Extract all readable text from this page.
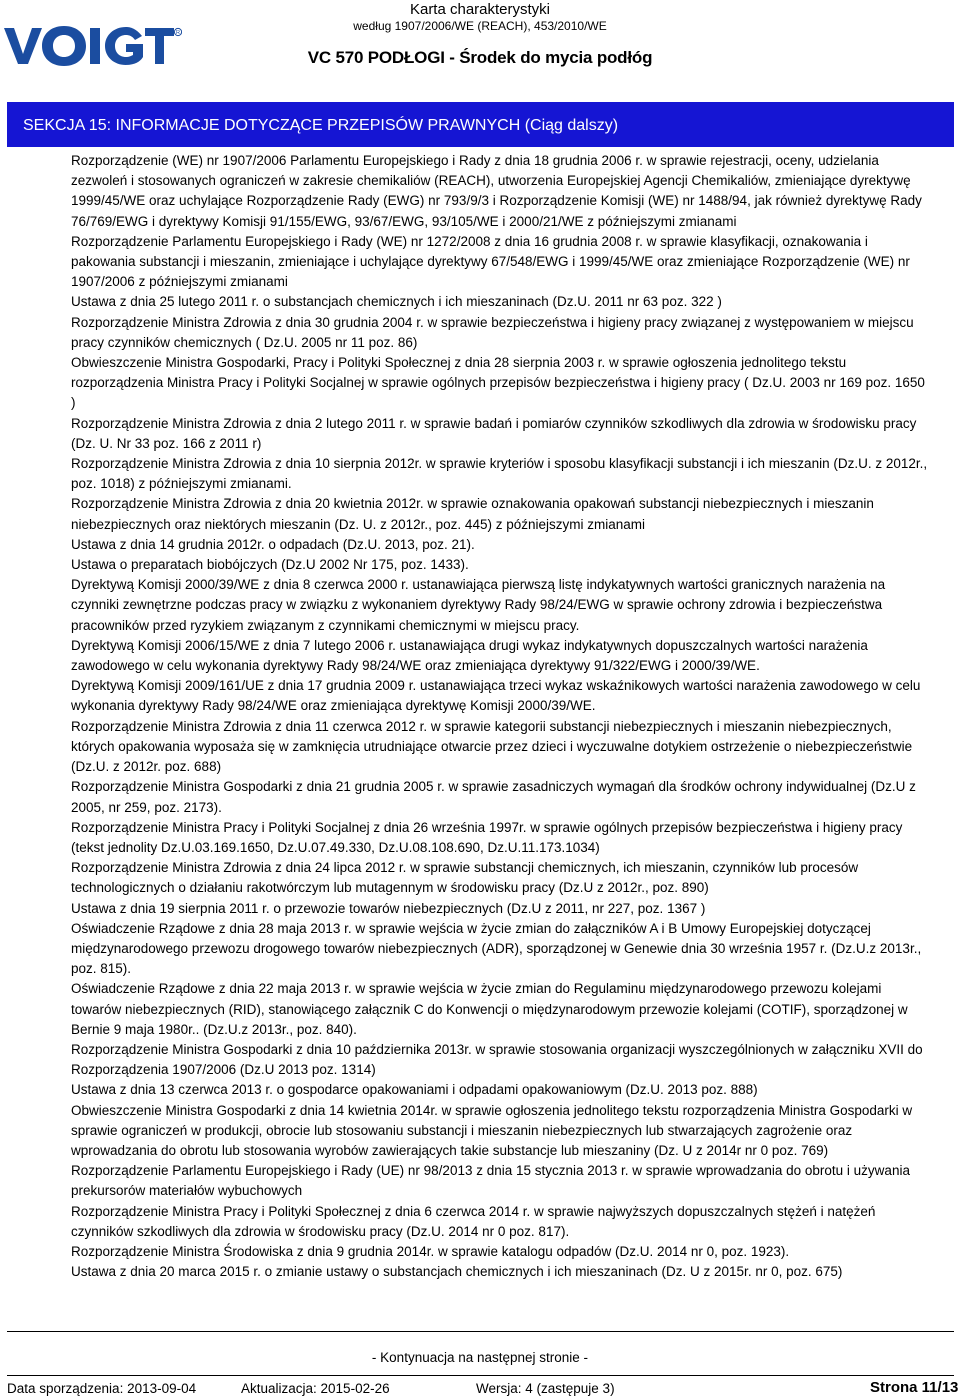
R
Karta charakterystyki
według 1907/2006/WE (REACH), 453/2010/WE
VC 570 PODŁOGI - Środek do mycia podłóg
SEKCJA 15: INFORMACJE DOTYCZĄCE PRZEPISÓW PRAWNYCH (Ciąg dalszy)

Rozporządzenie (WE) nr 1907/2006 Parlamentu Europejskiego i Rady z dnia 18 grudnia 2006 r. w sprawie rejestracji, oceny, udzielania zezwoleń i stosowanych ograniczeń w zakresie chemikaliów (REACH), utworzenia Europejskiej Agencji Chemikaliów, zmieniające dyrektywę 1999/45/WE oraz uchylające Rozporządzenie Rady (EWG) nr 793/9/3 i Rozporządzenie Komisji (WE) nr 1488/94, jak również dyrektywę Rady 76/769/EWG i dyrektywy Komisji 91/155/EWG, 93/67/EWG, 93/105/WE i 2000/21/WE z późniejszymi zmianami

Rozporządzenie Parlamentu Europejskiego i Rady (WE) nr 1272/2008 z dnia 16 grudnia 2008 r. w sprawie klasyfikacji, oznakowania i pakowania substancji i mieszanin, zmieniające i uchylające dyrektywy 67/548/EWG i 1999/45/WE oraz zmieniające Rozporządzenie (WE) nr 1907/2006 z późniejszymi zmianami

Ustawa z dnia 25 lutego 2011 r. o substancjach chemicznych i ich mieszaninach (Dz.U. 2011 nr 63 poz. 322 )

Rozporządzenie Ministra Zdrowia z dnia 30 grudnia 2004 r. w sprawie bezpieczeństwa i higieny pracy związanej z występowaniem w miejscu pracy czynników chemicznych ( Dz.U. 2005 nr 11 poz. 86)

Obwieszczenie Ministra Gospodarki, Pracy i Polityki Społecznej z dnia 28 sierpnia 2003 r. w sprawie ogłoszenia jednolitego tekstu rozporządzenia Ministra Pracy i Polityki Socjalnej w sprawie ogólnych przepisów bezpieczeństwa i higieny pracy ( Dz.U. 2003 nr 169 poz. 1650 )

Rozporządzenie Ministra Zdrowia z dnia 2 lutego 2011 r. w sprawie badań i pomiarów czynników szkodliwych dla zdrowia w środowisku pracy (Dz. U. Nr 33 poz. 166 z 2011 r)

Rozporządzenie Ministra Zdrowia z dnia 10 sierpnia 2012r. w sprawie kryteriów i sposobu klasyfikacji substancji i ich mieszanin (Dz.U. z 2012r., poz. 1018) z późniejszymi zmianami.

Rozporządzenie Ministra Zdrowia z dnia 20 kwietnia 2012r. w sprawie oznakowania opakowań substancji niebezpiecznych i mieszanin niebezpiecznych oraz niektórych mieszanin (Dz. U. z 2012r., poz. 445) z późniejszymi zmianami

Ustawa z dnia 14 grudnia 2012r. o odpadach (Dz.U. 2013, poz. 21).

Ustawa o preparatach biobójczych (Dz.U 2002 Nr 175, poz. 1433).

Dyrektywą Komisji 2000/39/WE z dnia 8 czerwca 2000 r. ustanawiająca pierwszą listę indykatywnych wartości granicznych narażenia na czynniki zewnętrzne podczas pracy w związku z wykonaniem dyrektywy Rady 98/24/EWG w sprawie ochrony zdrowia i bezpieczeństwa pracowników przed ryzykiem związanym z czynnikami chemicznymi w miejscu pracy.

Dyrektywą Komisji 2006/15/WE z dnia 7 lutego 2006 r. ustanawiająca drugi wykaz indykatywnych dopuszczalnych wartości narażenia zawodowego w celu wykonania dyrektywy Rady 98/24/WE oraz zmieniająca dyrektywy 91/322/EWG i 2000/39/WE.

Dyrektywą Komisji 2009/161/UE z dnia 17 grudnia 2009 r. ustanawiająca trzeci wykaz wskaźnikowych wartości narażenia zawodowego w celu wykonania dyrektywy Rady 98/24/WE oraz zmieniająca dyrektywę Komisji 2000/39/WE.

Rozporządzenie Ministra Zdrowia z dnia 11 czerwca 2012 r. w sprawie kategorii substancji niebezpiecznych i mieszanin niebezpiecznych, których opakowania wyposaża się w zamknięcia utrudniające otwarcie przez dzieci i wyczuwalne dotykiem ostrzeżenie o niebezpieczeństwie (Dz.U. z 2012r. poz. 688)

Rozporządzenie Ministra Gospodarki z dnia 21 grudnia 2005 r. w sprawie zasadniczych wymagań dla środków ochrony indywidualnej (Dz.U z 2005, nr 259, poz. 2173).

Rozporządzenie Ministra Pracy i Polityki Socjalnej z dnia 26 września 1997r. w sprawie ogólnych przepisów bezpieczeństwa i higieny pracy (tekst jednolity Dz.U.03.169.1650, Dz.U.07.49.330, Dz.U.08.108.690, Dz.U.11.173.1034)

Rozporządzenie Ministra Zdrowia z dnia 24 lipca 2012 r. w sprawie substancji chemicznych, ich mieszanin, czynników lub procesów technologicznych o działaniu rakotwórczym lub mutagennym w środowisku pracy (Dz.U z 2012r., poz. 890)

Ustawa z dnia 19 sierpnia 2011 r. o przewozie towarów niebezpiecznych (Dz.U z 2011, nr 227, poz. 1367 )

Oświadczenie Rządowe z dnia 28 maja 2013 r. w sprawie wejścia w życie zmian do załączników A i B Umowy Europejskiej dotyczącej międzynarodowego przewozu drogowego towarów niebezpiecznych (ADR), sporządzonej w Genewie dnia 30 września 1957 r. (Dz.U.z 2013r., poz. 815).

Oświadczenie Rządowe z dnia 22 maja 2013 r. w sprawie wejścia w życie zmian do Regulaminu międzynarodowego przewozu kolejami towarów niebezpiecznych (RID), stanowiącego załącznik C do Konwencji o międzynarodowym przewozie kolejami (COTIF), sporządzonej w Bernie 9 maja 1980r.. (Dz.U.z 2013r., poz. 840).

Rozporządzenie Ministra Gospodarki z dnia 10 października 2013r. w sprawie stosowania organizacji wyszczególnionych w załączniku XVII do Rozporządzenia 1907/2006 (Dz.U 2013 poz. 1314)

Ustawa z dnia 13 czerwca 2013 r. o gospodarce opakowaniami i odpadami opakowaniowym (Dz.U. 2013 poz. 888)

Obwieszczenie Ministra Gospodarki z dnia 14 kwietnia 2014r. w sprawie ogłoszenia jednolitego tekstu rozporządzenia Ministra Gospodarki w sprawie ograniczeń w produkcji, obrocie lub stosowaniu substancji i mieszanin niebezpiecznych lub stwarzających zagrożenie oraz wprowadzania do obrotu lub stosowania wyrobów zawierających takie substancje lub mieszaniny (Dz. U z 2014r nr 0 poz. 769)

Rozporządzenie Parlamentu Europejskiego i Rady (UE) nr 98/2013 z dnia 15 stycznia 2013 r. w sprawie wprowadzania do obrotu i używania prekursorów materiałów wybuchowych

Rozporządzenie Ministra Pracy i Polityki Społecznej z dnia 6 czerwca 2014 r. w sprawie najwyższych dopuszczalnych stężeń i natężeń czynników szkodliwych dla zdrowia w środowisku pracy (Dz.U. 2014 nr 0 poz. 817).

Rozporządzenie Ministra Środowiska z dnia 9 grudnia 2014r. w sprawie katalogu odpadów (Dz.U. 2014 nr 0, poz. 1923).

Ustawa z dnia 20 marca 2015 r. o zmianie ustawy o substancjach chemicznych i ich mieszaninach (Dz. U z 2015r. nr 0, poz. 675)

- Kontynuacja na następnej stronie -
Data sporządzenia: 2013-09-04	Aktualizacja: 2015-02-26	Wersja: 4 (zastępuje 3)	Strona 11/13
